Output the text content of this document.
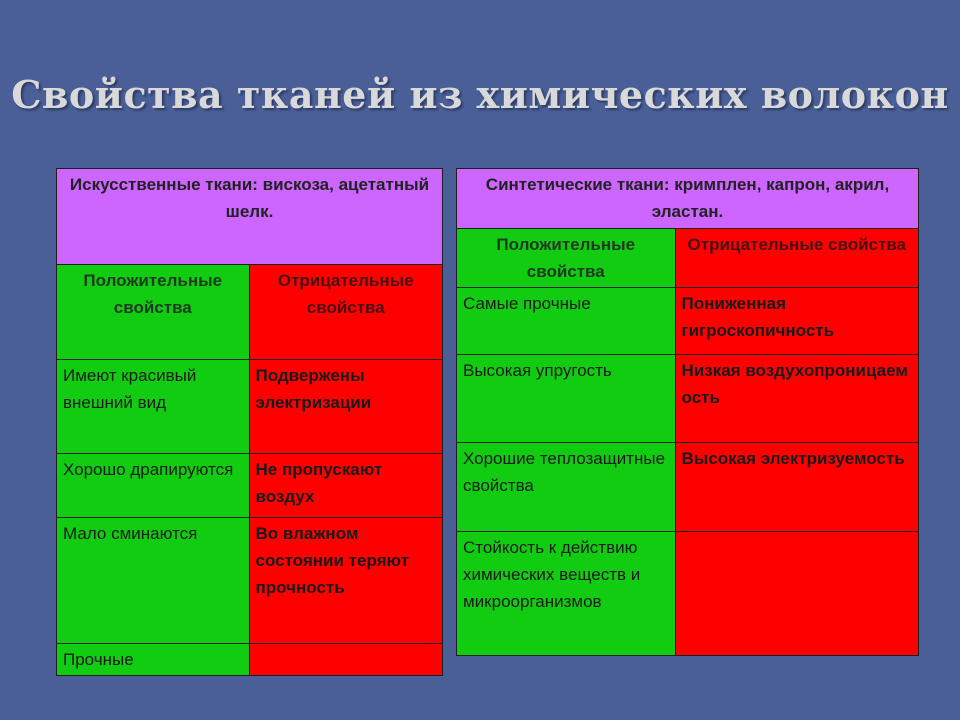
Свойства тканей из химических волокон
Искусственные ткани: вискоза, ацетатный шелк.	
Положительные свойства	Отрицательные свойства
Имеют красивый внешний вид	Подвержены электризации
Хорошо драпируются	Не пропускают воздух
Мало сминаются	Во влажном состоянии теряют прочность
Прочные	
Синтетические ткани: кримплен, капрон, акрил, эластан.	
Положительные свойства	Отрицательные свойства
Самые прочные	Пониженная гигроскопичность
Высокая упругость	Низкая воздухопроницаемость
Хорошие теплозащитные свойства	Высокая электризуемость
Стойкость к действию химических веществ и микроорганизмов	
